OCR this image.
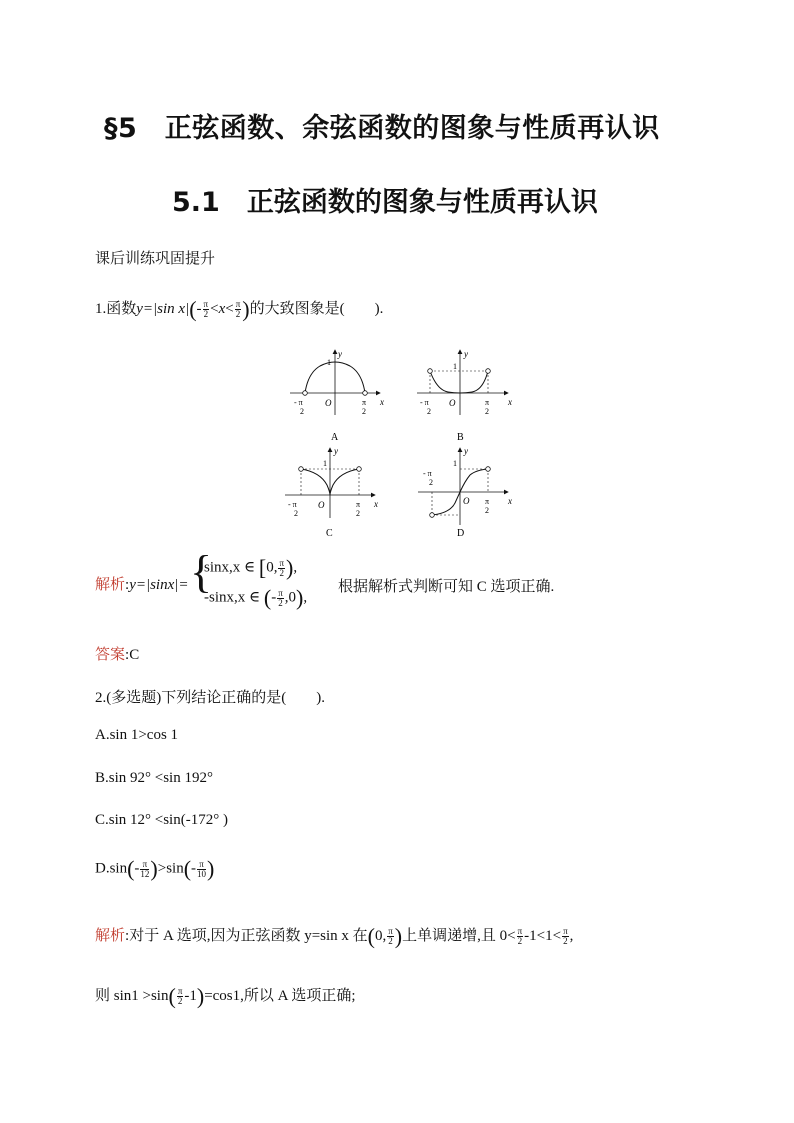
§5　正弦函数、余弦函数的图象与性质再认识
5.1　正弦函数的图象与性质再认识
课后训练巩固提升
1.函数y=|sin $x|(- \frac{\pi}{2} <x< \frac{\pi}{2}$ )的大致图象是(　　).
x
y
1
O
- π
2
π
2
A
x
y
1
O
- π
2
π
2
B
x
y
1
O
- π
2
π
2
C
x
y
1
O
- π
2
π
2
D
解析:y=|sinx|= {
sinx,x ∈ [0, $\frac{\pi}{2}$ ),
-sinx,x ∈ (- $\frac{\pi}{2} ,0$),
根据解析式判断可知 C 选项正确.
答案:C
2.(多选题)下列结论正确的是(　　).
A.sin 1>cos 1
B.sin 92° <sin 192°
C.sin 12° <sin(-172° )
$D.\sin(- \frac{\pi}{12} )>\sin(- \frac{\pi}{10}$ )
解析:对于 A 选项,因为正弦函数 y=sin x 在(0, $\frac{\pi}{2}$ )上单调递增,且 $0< \frac{\pi}{2} -1<1< \frac{\pi}{2}$ ,
则 $\sin 1 >\sin( \frac{\pi}{2} -1)=\cos 1$,所以 A 选项正确;
